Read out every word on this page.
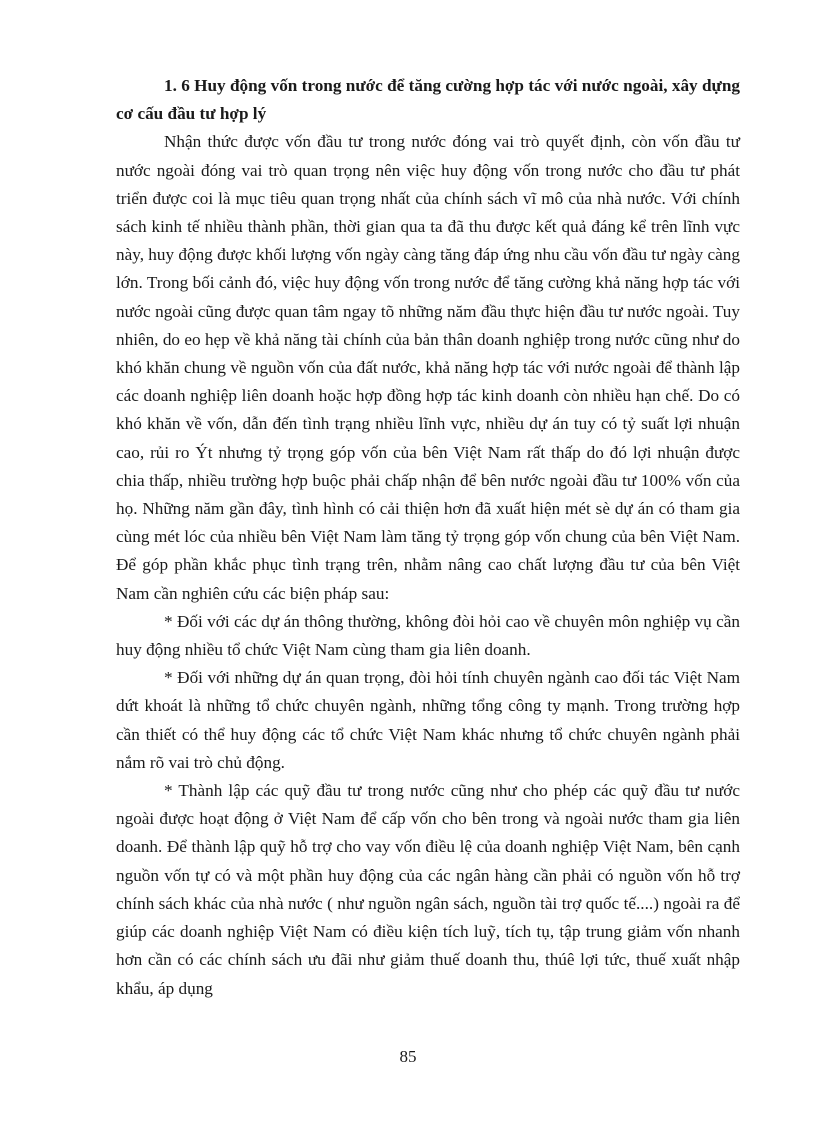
1. 6 Huy động vốn trong nước để tăng cường hợp tác với nước ngoài, xây dựng cơ cấu đầu tư hợp lý

Nhận thức được vốn đầu tư trong nước đóng vai trò quyết định, còn vốn đầu tư nước ngoài đóng vai trò quan trọng nên việc huy động vốn trong nước cho đầu tư phát triển được coi là mục tiêu quan trọng nhất của chính sách vĩ mô của nhà nước. Với chính sách kinh tế nhiều thành phần, thời gian qua ta đã thu được kết quả đáng kể trên lĩnh vực này, huy động được khối lượng vốn ngày càng tăng đáp ứng nhu cầu vốn đầu tư ngày càng lớn. Trong bối cảnh đó, việc huy động vốn trong nước để tăng cường khả năng hợp tác với nước ngoài cũng được quan tâm ngay tõ những năm đầu thực hiện đầu tư nước ngoài. Tuy nhiên, do eo hẹp về khả năng tài chính của bản thân doanh nghiệp trong nước cũng như do khó khăn chung về nguồn vốn của đất nước, khả năng hợp tác với nước ngoài để thành lập các doanh nghiệp liên doanh hoặc hợp đồng hợp tác kinh doanh còn nhiều hạn chế. Do có khó khăn về vốn, dẫn đến tình trạng nhiều lĩnh vực, nhiều dự án tuy có tỷ suất lợi nhuận cao, rủi ro Ýt nhưng tỷ trọng góp vốn của bên Việt Nam rất thấp do đó lợi nhuận được chia thấp, nhiều trường hợp buộc phải chấp nhận để bên nước ngoài đầu tư 100% vốn của họ. Những năm gần đây, tình hình có cải thiện hơn đã xuất hiện mét sè dự án có tham gia cùng mét lóc của nhiều bên Việt Nam làm tăng tỷ trọng góp vốn chung của bên Việt Nam. Để góp phần khắc phục tình trạng trên, nhằm nâng cao chất lượng đầu tư của bên Việt Nam cần nghiên cứu các biện pháp sau:

* Đối với các dự án thông thường, không đòi hỏi cao về chuyên môn nghiệp vụ cần huy động nhiều tổ chức Việt Nam cùng tham gia liên doanh.

* Đối với những dự án quan trọng, đòi hỏi tính chuyên ngành cao đối tác Việt Nam dứt khoát là những tổ chức chuyên ngành, những tổng công ty mạnh. Trong trường hợp cần thiết có thể huy động các tổ chức Việt Nam khác nhưng tổ chức chuyên ngành phải nắm rõ vai trò chủ động.

* Thành lập các quỹ đầu tư trong nước cũng như cho phép các quỹ đầu tư nước ngoài được hoạt động ở Việt Nam để cấp vốn cho bên trong và ngoài nước tham gia liên doanh. Để thành lập quỹ hỗ trợ cho vay vốn điều lệ của doanh nghiệp Việt Nam, bên cạnh nguồn vốn tự có và một phần huy động của các ngân hàng cần phải có nguồn vốn hỗ trợ chính sách khác của nhà nước ( như nguồn ngân sách, nguồn tài trợ quốc tế....) ngoài ra để giúp các doanh nghiệp Việt Nam có điều kiện tích luỹ, tích tụ, tập trung giảm vốn nhanh hơn cần có các chính sách ưu đãi như giảm thuế doanh thu, thúê lợi tức, thuế xuất nhập khẩu, áp dụng

85
